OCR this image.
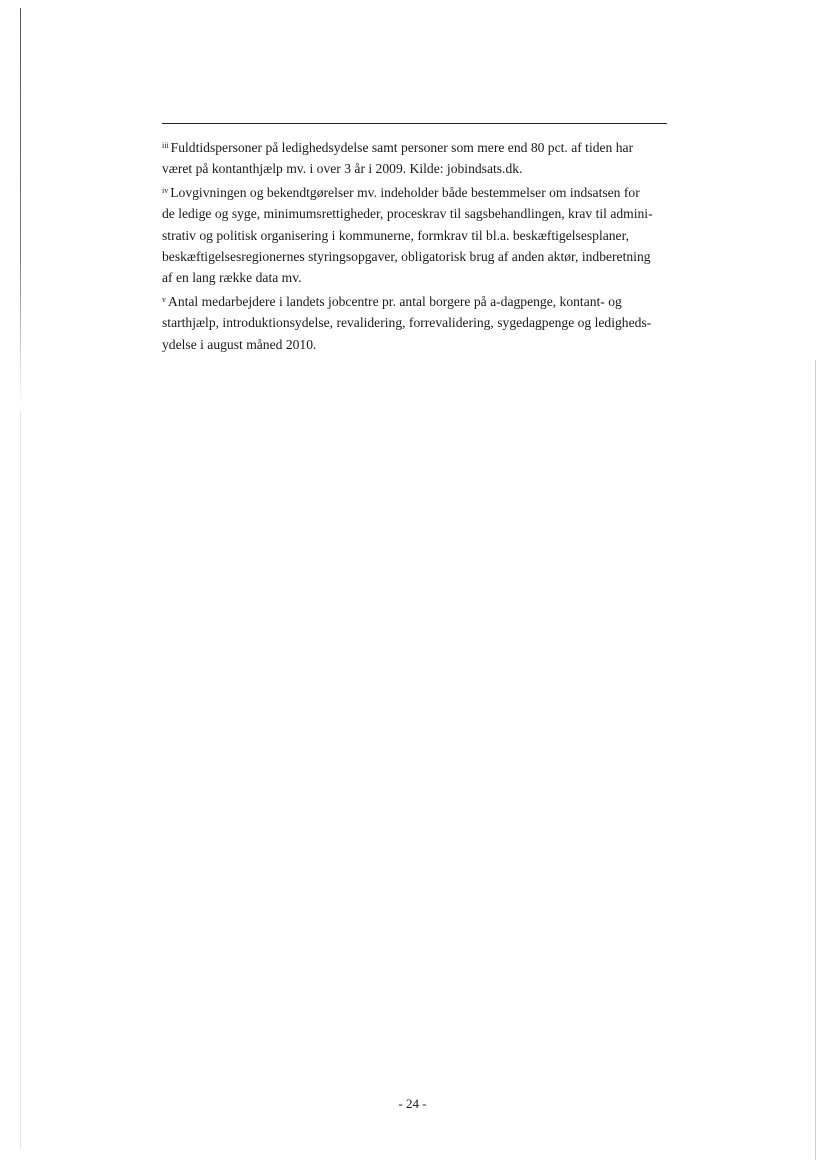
$^{iii}$ Fuldtidspersoner på ledighedsydelse samt personer som mere end 80 pct. af tiden har
været på kontanthjælp mv. i over 3 år i 2009. Kilde: jobindsats.dk.
$^{iv}$ Lovgivningen og bekendtgørelser mv. indeholder både bestemmelser om indsatsen for
de ledige og syge, minimumsrettigheder, proceskrav til sagsbehandlingen, krav til admini-
strativ og politisk organisering i kommunerne, formkrav til bl.a. beskæftigelsesplaner,
beskæftigelsesregionernes styringsopgaver, obligatorisk brug af anden aktør, indberetning
af en lang række data mv.
$^v$ Antal medarbejdere i landets jobcentre pr. antal borgere på a-dagpenge, kontant- og
starthjælp, introduktionsydelse, revalidering, forrevalidering, sygedagpenge og ledigheds-
ydelse i august måned 2010.
- 24 -
